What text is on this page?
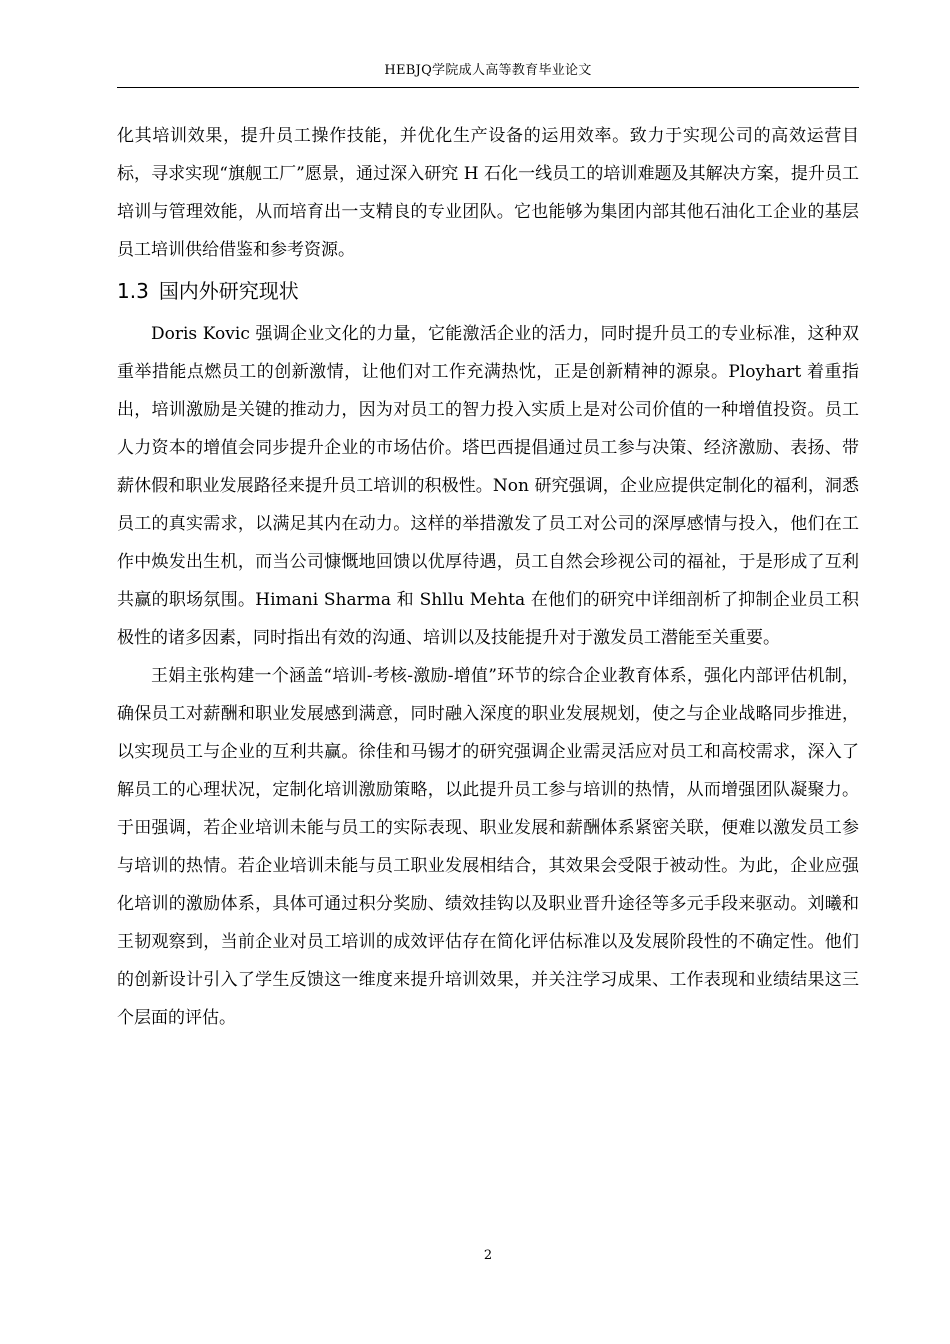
HEBJQ学院成人高等教育毕业论文

化其培训效果，提升员工操作技能，并优化生产设备的运用效率。致力于实现公司的高效运营目标，寻求实现“旗舰工厂”愿景，通过深入研究 H 石化一线员工的培训难题及其解决方案，提升员工培训与管理效能，从而培育出一支精良的专业团队。它也能够为集团内部其他石油化工企业的基层员工培训供给借鉴和参考资源。

1.3 国内外研究现状

Doris Kovic 强调企业文化的力量，它能激活企业的活力，同时提升员工的专业标准，这种双重举措能点燃员工的创新激情，让他们对工作充满热忱，正是创新精神的源泉。Ployhart 着重指出，培训激励是关键的推动力，因为对员工的智力投入实质上是对公司价值的一种增值投资。员工人力资本的增值会同步提升企业的市场估价。塔巴西提倡通过员工参与决策、经济激励、表扬、带薪休假和职业发展路径来提升员工培训的积极性。Non 研究强调，企业应提供定制化的福利，洞悉员工的真实需求，以满足其内在动力。这样的举措激发了员工对公司的深厚感情与投入，他们在工作中焕发出生机，而当公司慷慨地回馈以优厚待遇，员工自然会珍视公司的福祉，于是形成了互利共赢的职场氛围。Himani Sharma 和 Shllu Mehta 在他们的研究中详细剖析了抑制企业员工积极性的诸多因素，同时指出有效的沟通、培训以及技能提升对于激发员工潜能至关重要。

王娟主张构建一个涵盖“培训-考核-激励-增值”环节的综合企业教育体系，强化内部评估机制，确保员工对薪酬和职业发展感到满意，同时融入深度的职业发展规划，使之与企业战略同步推进，以实现员工与企业的互利共赢。徐佳和马锡才的研究强调企业需灵活应对员工和高校需求，深入了解员工的心理状况，定制化培训激励策略，以此提升员工参与培训的热情，从而增强团队凝聚力。于田强调，若企业培训未能与员工的实际表现、职业发展和薪酬体系紧密关联，便难以激发员工参与培训的热情。若企业培训未能与员工职业发展相结合，其效果会受限于被动性。为此，企业应强化培训的激励体系，具体可通过积分奖励、绩效挂钩以及职业晋升途径等多元手段来驱动。刘曦和王韧观察到，当前企业对员工培训的成效评估存在简化评估标准以及发展阶段性的不确定性。他们的创新设计引入了学生反馈这一维度来提升培训效果，并关注学习成果、工作表现和业绩结果这三个层面的评估。

2
